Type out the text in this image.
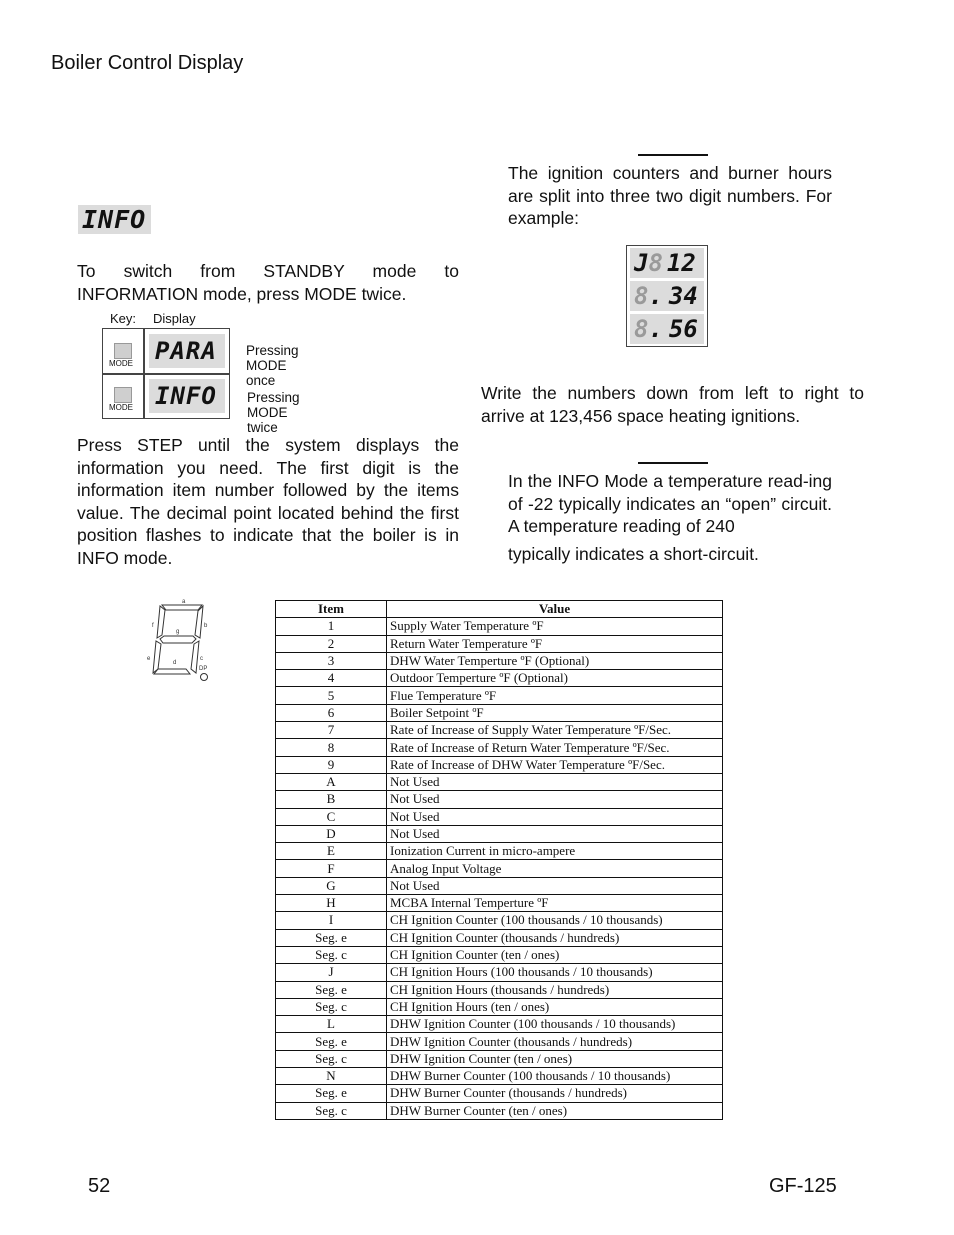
Boiler Control Display
INFO
To switch from STANDBY mode to INFORMATION mode, press MODE twice.
Key: Display
MODE PARA	Pressing MODE once
MODE INFO	Pressing MODE twice
Press STEP until the system displays the information you need. The first digit is the information item number followed by the items value. The decimal point located behind the first position flashes to indicate that the boiler is in INFO mode.
The ignition counters and burner hours are split into three two digit numbers. For example:
J8 12
8. 34
8. 56
Write the numbers down from left to right to arrive at 123,456 space heating ignitions.
In the INFO Mode a temperature read-ing of -22 typically indicates an “open” circuit. A temperature reading of 240
typically indicates a short-circuit.
a
b
c
d
e
f
g
DP
Item	Value
1	Supply Water Temperature ºF
2	Return Water Temperature ºF
3	DHW Water Temperture ºF (Optional)
4	Outdoor Temperture ºF (Optional)
5	Flue Temperature ºF
6	Boiler Setpoint ºF
7	Rate of Increase of Supply Water Temperature ºF/Sec.
8	Rate of Increase of Return Water Temperature ºF/Sec.
9	Rate of Increase of DHW Water Temperature ºF/Sec.
A	Not Used
B	Not Used
C	Not Used
D	Not Used
E	Ionization Current in micro-ampere
F	Analog Input Voltage
G	Not Used
H	MCBA Internal Temperture ºF
I	CH Ignition Counter (100 thousands / 10 thousands)
Seg. e	CH Ignition Counter (thousands / hundreds)
Seg. c	CH Ignition Counter (ten / ones)
J	CH Ignition Hours (100 thousands / 10 thousands)
Seg. e	CH Ignition Hours (thousands / hundreds)
Seg. c	CH Ignition Hours (ten / ones)
L	DHW Ignition Counter (100 thousands / 10 thousands)
Seg. e	DHW Ignition Counter (thousands / hundreds)
Seg. c	DHW Ignition Counter (ten / ones)
N	DHW Burner Counter (100 thousands / 10 thousands)
Seg. e	DHW Burner Counter (thousands / hundreds)
Seg. c	DHW Burner Counter (ten / ones)
52	GF-125
